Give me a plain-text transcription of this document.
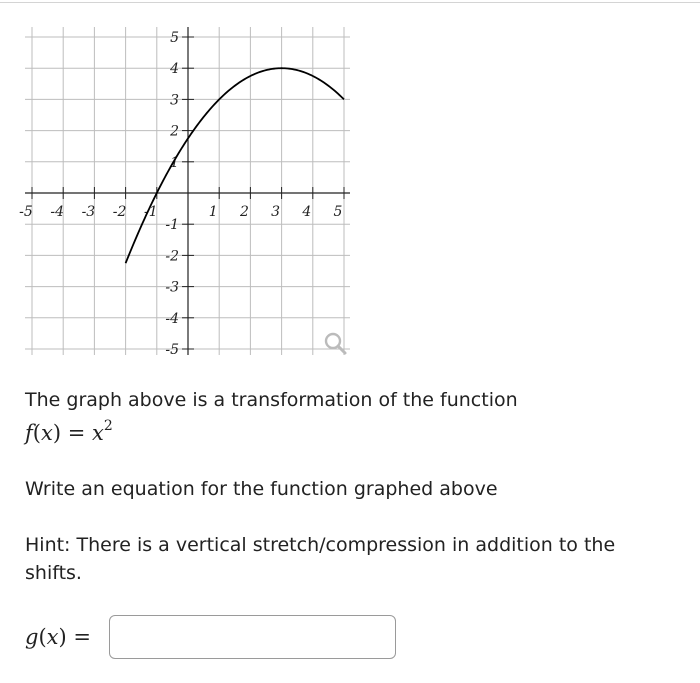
-5 -4 -3 -2 -1	1 2 3 4 5
5
4
3
2
1
-1
-2
-3
-4
-5

The graph above is a transformation of the function
$f(x) = x^2$

Write an equation for the function graphed above

Hint: There is a vertical stretch/compression in addition to the shifts.

g(x) =
